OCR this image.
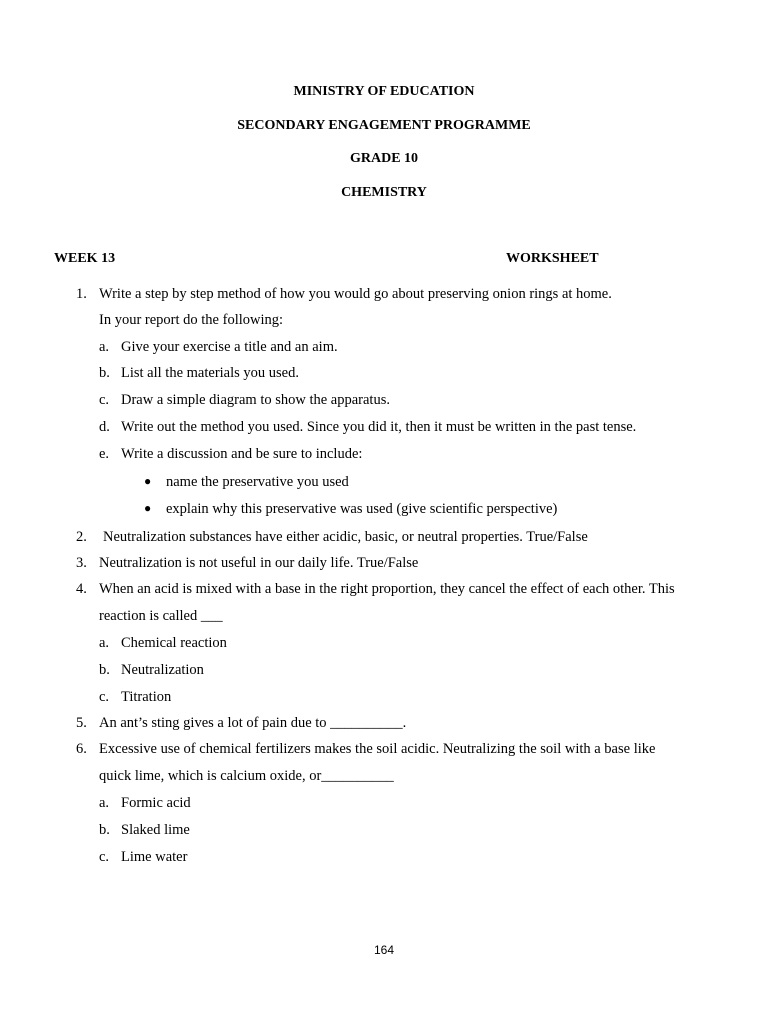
MINISTRY OF EDUCATION
SECONDARY ENGAGEMENT PROGRAMME
GRADE 10
CHEMISTRY
WEEK 13	WORKSHEET
1. Write a step by step method of how you would go about preserving onion rings at home.
In your report do the following:
a. Give your exercise a title and an aim.
b. List all the materials you used.
c. Draw a simple diagram to show the apparatus.
d. Write out the method you used. Since you did it, then it must be written in the past tense.
e. Write a discussion and be sure to include:
● name the preservative you used
● explain why this preservative was used (give scientific perspective)
2. Neutralization substances have either acidic, basic, or neutral properties. True/False
3. Neutralization is not useful in our daily life. True/False
4. When an acid is mixed with a base in the right proportion, they cancel the effect of each other. This
reaction is called ___
a. Chemical reaction
b. Neutralization
c. Titration
5. An ant’s sting gives a lot of pain due to __________.
6. Excessive use of chemical fertilizers makes the soil acidic. Neutralizing the soil with a base like
quick lime, which is calcium oxide, or__________
a. Formic acid
b. Slaked lime
c. Lime water
164
